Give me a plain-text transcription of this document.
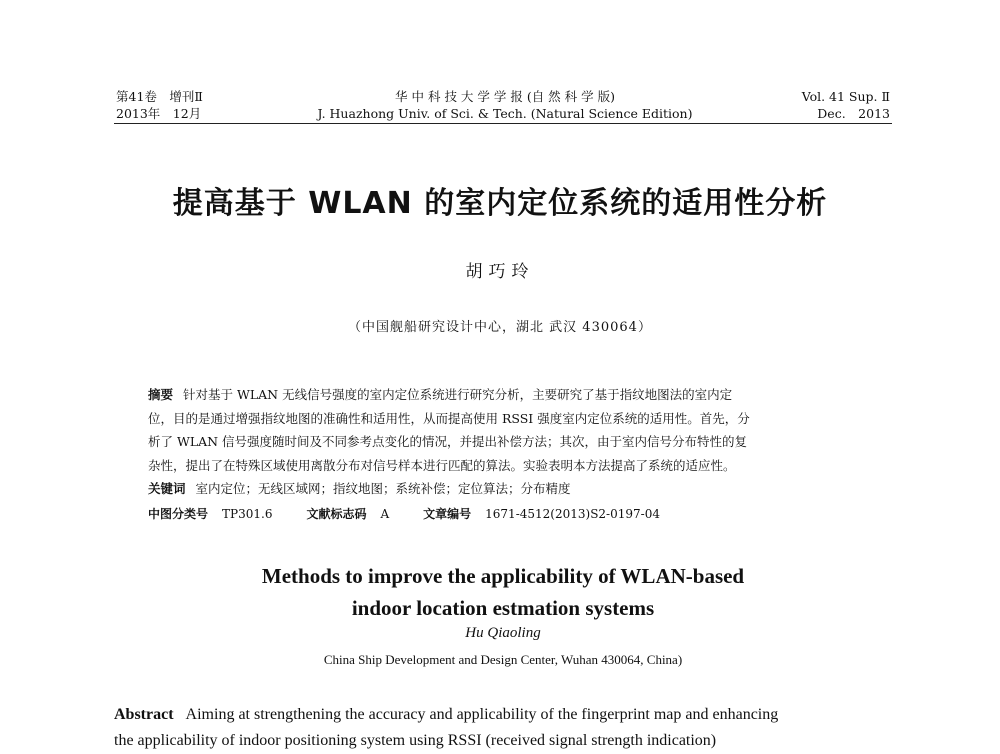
第41卷　增刊Ⅱ
2013年　12月
华 中 科 技 大 学 学 报 (自 然 科 学 版)
J. Huazhong Univ. of Sci. & Tech. (Natural Science Edition)
Vol. 41 Sup. Ⅱ
Dec.　2013
提高基于 WLAN 的室内定位系统的适用性分析
胡巧玲
（中国舰船研究设计中心，湖北 武汉 430064）
摘要 针对基于 WLAN 无线信号强度的室内定位系统进行研究分析，主要研究了基于指纹地图法的室内定
位，目的是通过增强指纹地图的准确性和适用性，从而提高使用 RSSI 强度室内定位系统的适用性。首先，分
析了 WLAN 信号强度随时间及不同参考点变化的情况，并提出补偿方法；其次，由于室内信号分布特性的复
杂性，提出了在特殊区域使用离散分布对信号样本进行匹配的算法。实验表明本方法提高了系统的适应性。
关键词 室内定位；无线区域网；指纹地图；系统补偿；定位算法；分布精度
中图分类号 TP301.6	文献标志码 A	文章编号 1671-4512(2013)S2-0197-04
Methods to improve the applicability of WLAN-based
indoor location estmation systems
Hu Qiaoling
China Ship Development and Design Center, Wuhan 430064, China)
Abstract Aiming at strengthening the accuracy and applicability of the fingerprint map and enhancing
the applicability of indoor positioning system using RSSI (received signal strength indication)
